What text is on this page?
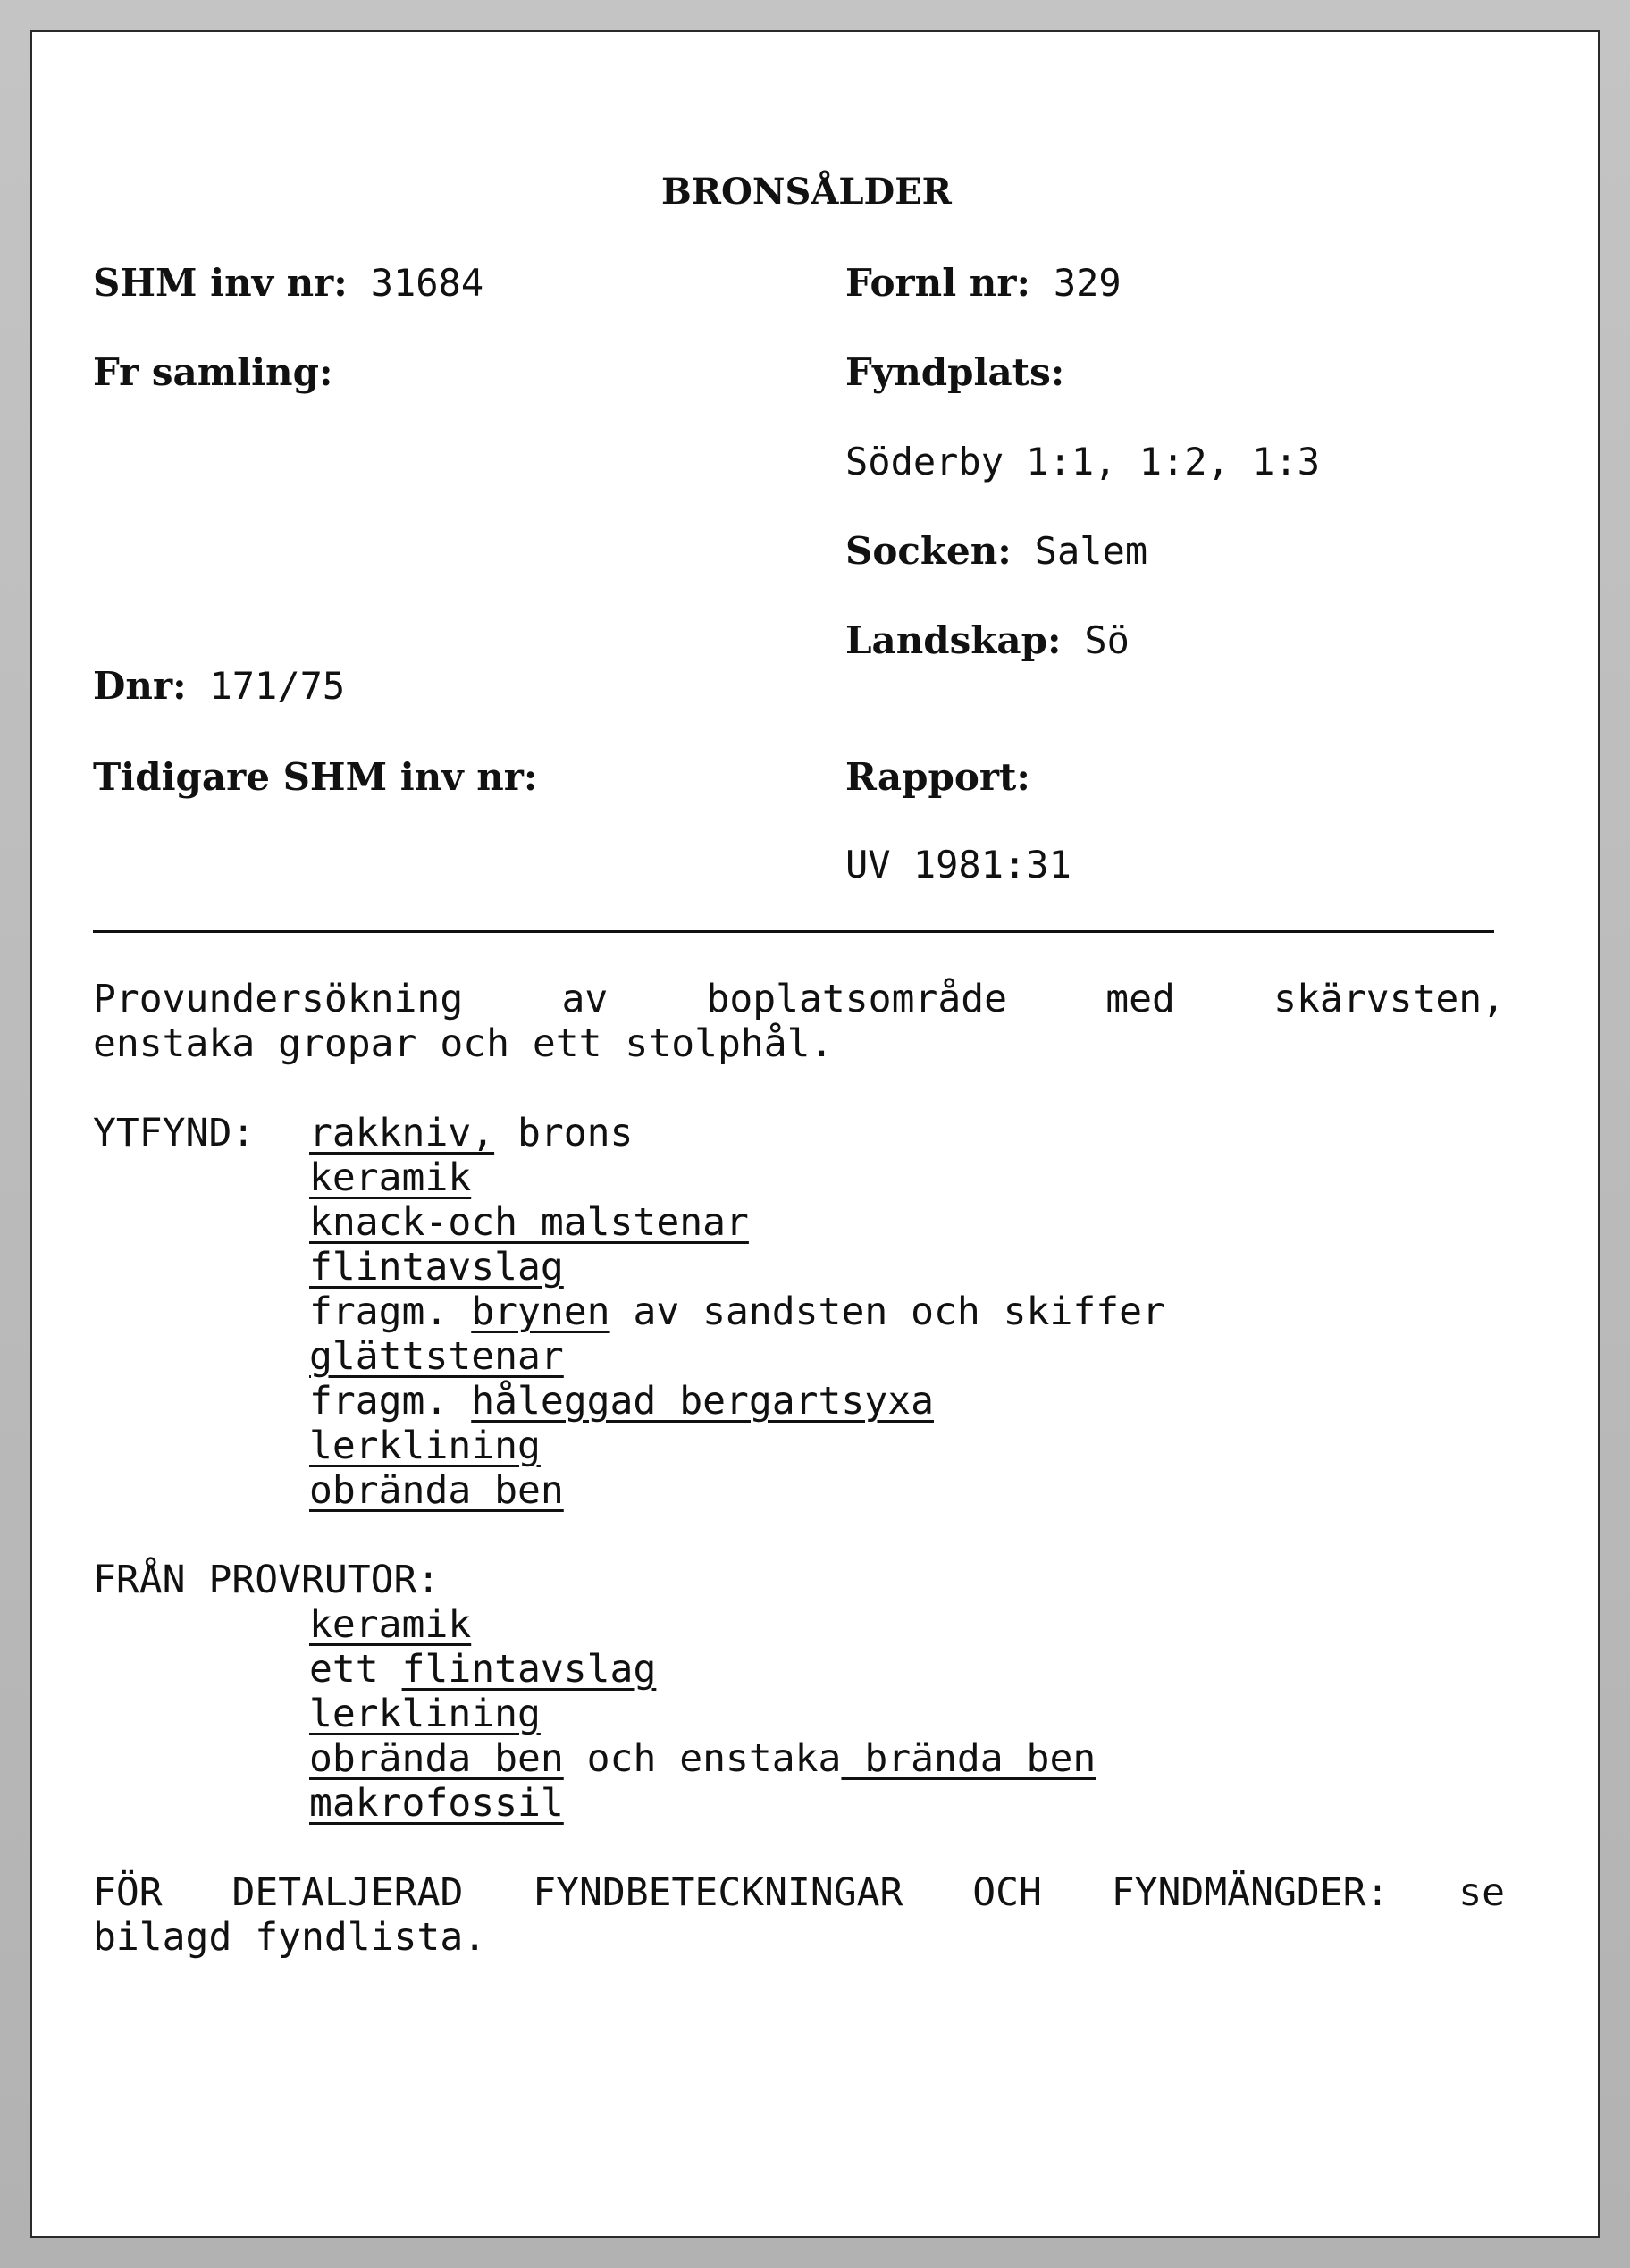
BRONSÅLDER
SHM inv nr: 31684
Fr samling:
Dnr: 171/75
Tidigare SHM inv nr:
Fornl nr: 329
Fyndplats:
Söderby 1:1, 1:2, 1:3
Socken: Salem
Landskap: Sö
Rapport:
UV 1981:31
Provundersökning	av	boplatsområde	med	skärvsten,
enstaka gropar och ett stolphål.
YTFYND: rakkniv, brons
keramik
knack-och malstenar
flintavslag
fragm. brynen av sandsten och skiffer
glättstenar
fragm. håleggad bergartsyxa
lerklining
obrända ben
FRÅN PROVRUTOR:
keramik
ett flintavslag
lerklining
obrända ben och enstaka brända ben
makrofossil
FÖR DETALJERAD FYNDBETECKNINGAR OCH FYNDMÄNGDER: se
bilagd fyndlista.
